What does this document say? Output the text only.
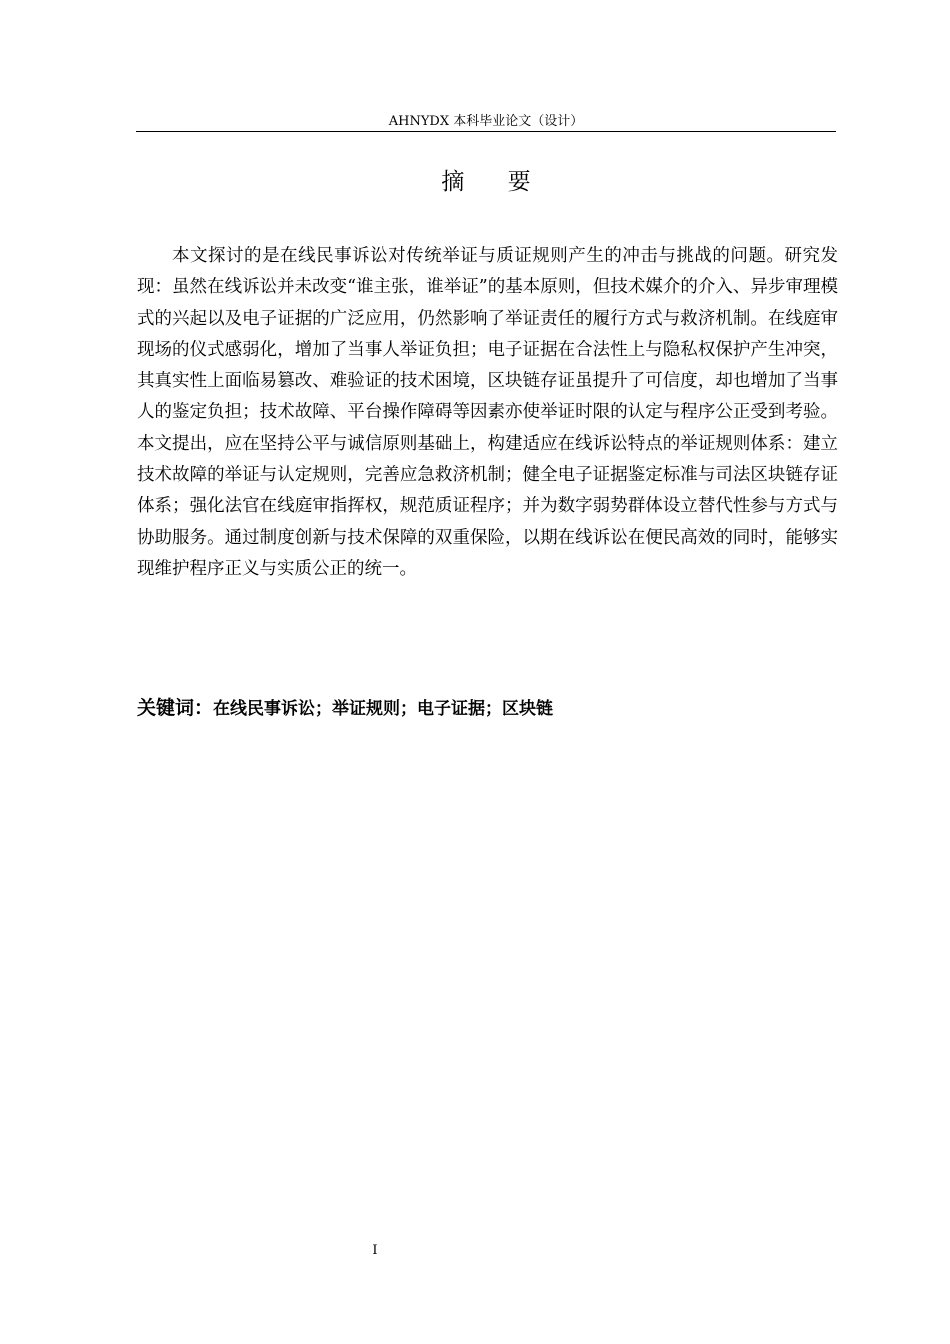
AHNYDX 本科毕业论文（设计）
摘 要

本文探讨的是在线民事诉讼对传统举证与质证规则产生的冲击与挑战的问题。研究发现：虽然在线诉讼并未改变“谁主张，谁举证”的基本原则，但技术媒介的介入、异步审理模式的兴起以及电子证据的广泛应用，仍然影响了举证责任的履行方式与救济机制。在线庭审现场的仪式感弱化，增加了当事人举证负担；电子证据在合法性上与隐私权保护产生冲突，其真实性上面临易篡改、难验证的技术困境，区块链存证虽提升了可信度，却也增加了当事人的鉴定负担；技术故障、平台操作障碍等因素亦使举证时限的认定与程序公正受到考验。本文提出，应在坚持公平与诚信原则基础上，构建适应在线诉讼特点的举证规则体系：建立技术故障的举证与认定规则，完善应急救济机制；健全电子证据鉴定标准与司法区块链存证体系；强化法官在线庭审指挥权，规范质证程序；并为数字弱势群体设立替代性参与方式与协助服务。通过制度创新与技术保障的双重保险，以期在线诉讼在便民高效的同时，能够实现维护程序正义与实质公正的统一。

关键词：在线民事诉讼；举证规则；电子证据；区块链
I
